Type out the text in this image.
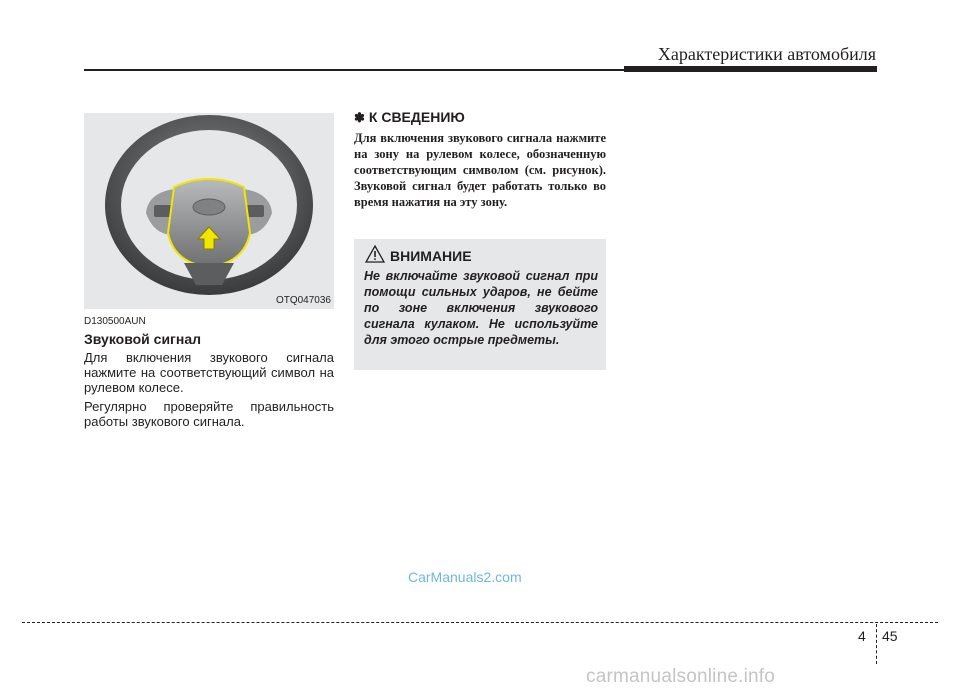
Характеристики автомобиля
OTQ047036
D130500AUN
Звуковой сигнал
Для включения звукового сигнала нажмите на соответствующий символ на рулевом колесе.
Регулярно проверяйте правильность работы звукового сигнала.
✽ К СВЕДЕНИЮ
Для включения звукового сигнала нажмите на зону на рулевом колесе, обозначенную соответствующим символом (см. рисунок). Звуковой сигнал будет работать только во время нажатия на эту зону.
ВНИМАНИЕ
Не включайте звуковой сигнал при помощи сильных ударов, не бейте по зоне включения звукового сигнала кулаком. Не используйте для этого острые предметы.
CarManuals2.com
4 45
carmanualsonline.info
